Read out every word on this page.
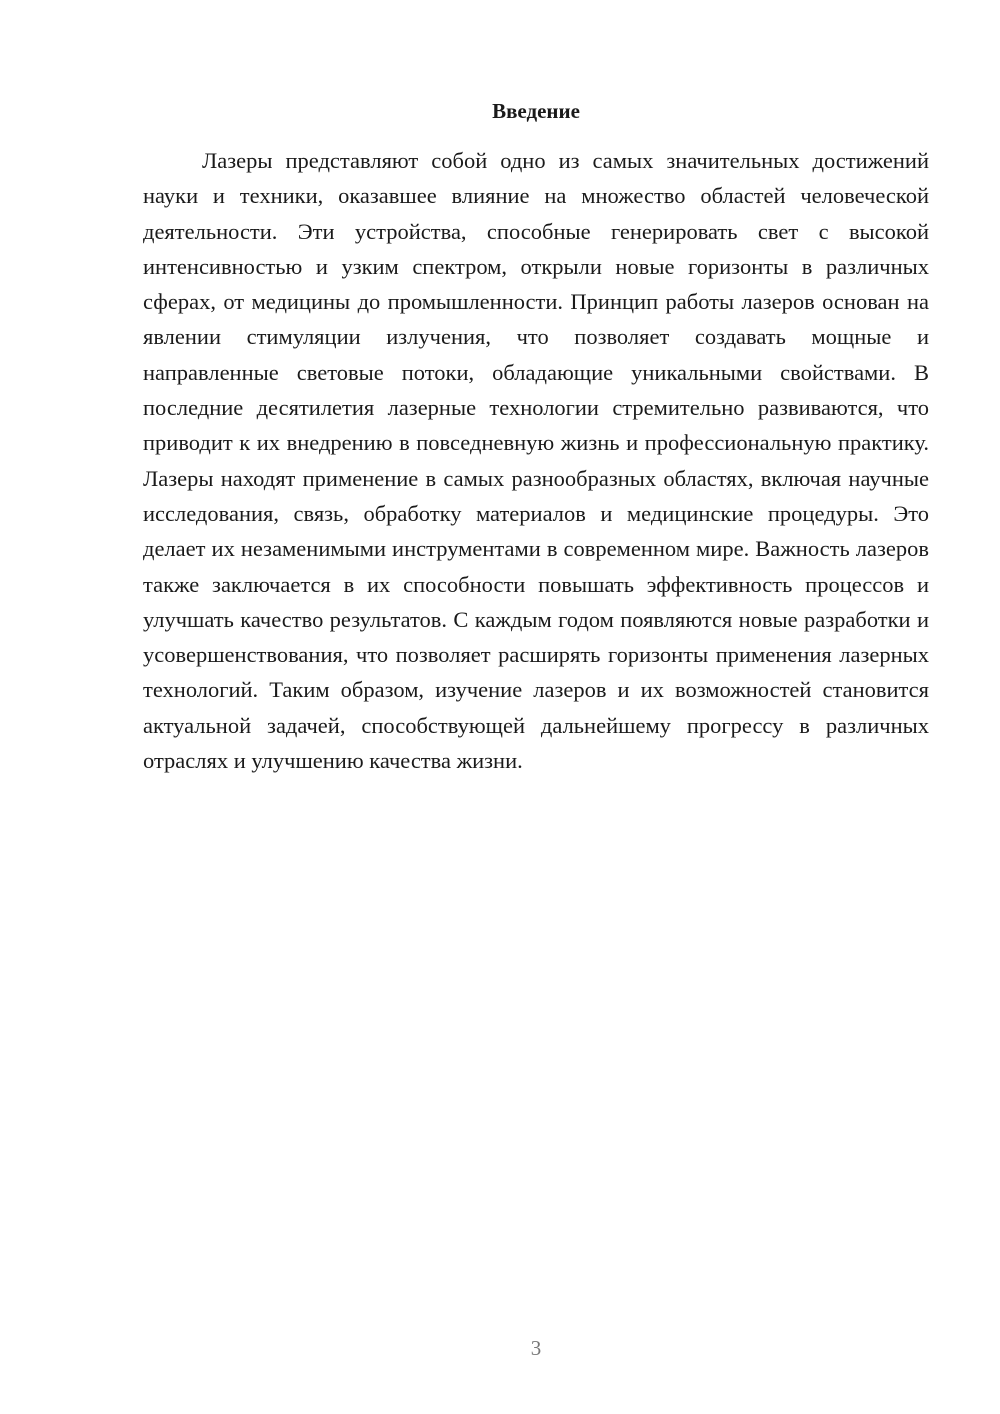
Введение

Лазеры представляют собой одно из самых значительных достижений науки и техники, оказавшее влияние на множество областей человеческой деятельности. Эти устройства, способные генерировать свет с высокой интенсивностью и узким спектром, открыли новые горизонты в различных сферах, от медицины до промышленности. Принцип работы лазеров основан на явлении стимуляции излучения, что позволяет создавать мощные и направленные световые потоки, обладающие уникальными свойствами. В последние десятилетия лазерные технологии стремительно развиваются, что приводит к их внедрению в повседневную жизнь и профессиональную практику. Лазеры находят применение в самых разнообразных областях, включая научные исследования, связь, обработку материалов и медицинские процедуры. Это делает их незаменимыми инструментами в современном мире. Важность лазеров также заключается в их способности повышать эффективность процессов и улучшать качество результатов. С каждым годом появляются новые разработки и усовершенствования, что позволяет расширять горизонты применения лазерных технологий. Таким образом, изучение лазеров и их возможностей становится актуальной задачей, способствующей дальнейшему прогрессу в различных отраслях и улучшению качества жизни.

3
